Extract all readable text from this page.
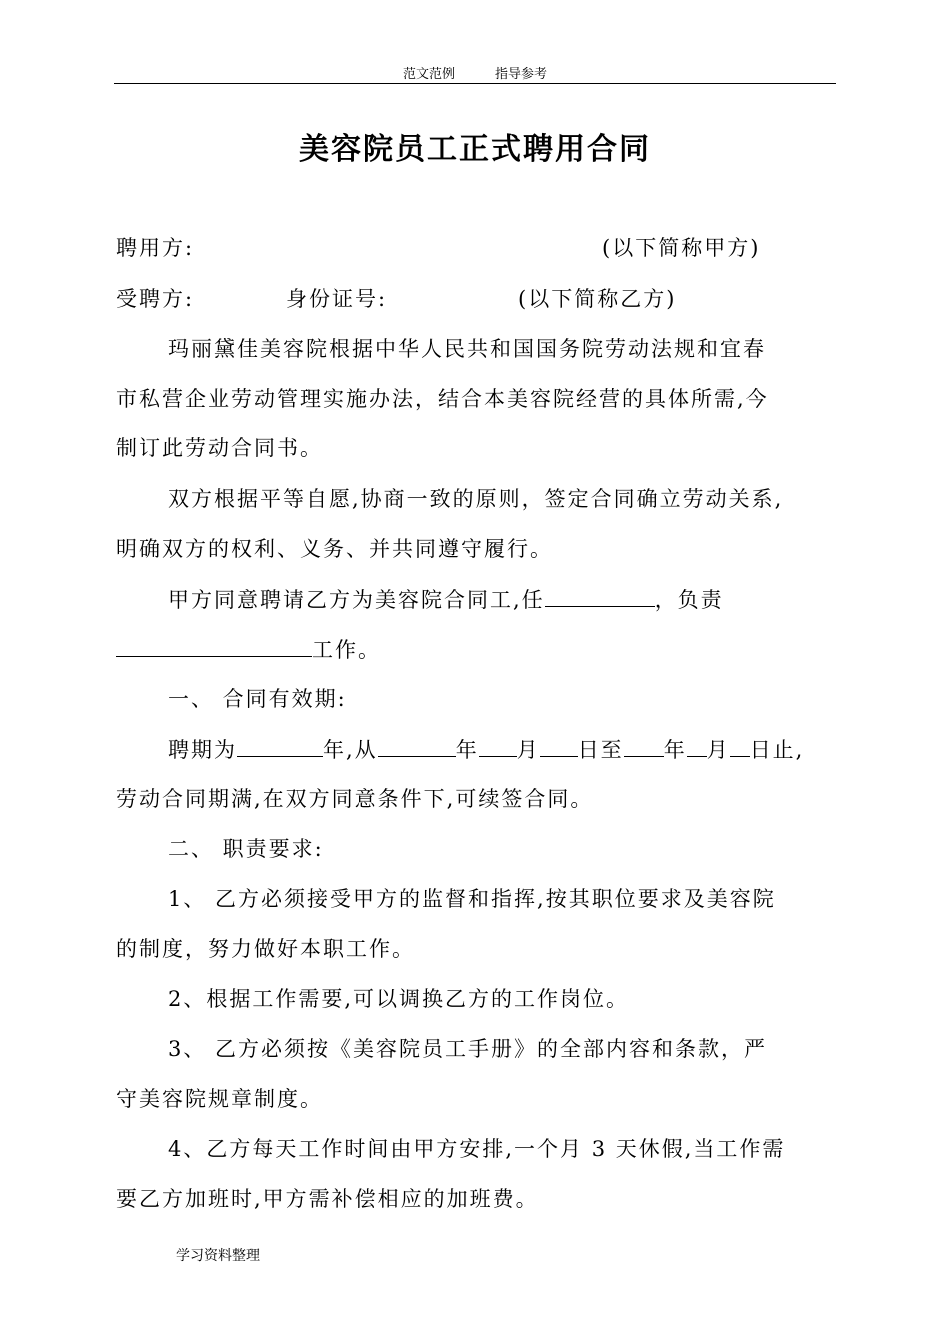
范文范例	指导参考
美容院员工正式聘用合同
聘用方:	(以下简称甲方)
受聘方:	身份证号:	(以下简称乙方)
玛丽黛佳美容院根据中华人民共和国国务院劳动法规和宜春
市私营企业劳动管理实施办法，结合本美容院经营的具体所需,今
制订此劳动合同书。
双方根据平等自愿,协商一致的原则，签定合同确立劳动关系,
明确双方的权利、义务、并共同遵守履行。
甲方同意聘请乙方为美容院合同工,任	，负责
工作。
一、 合同有效期:
聘期为	年,从	年 月 日至 年 月 日止,
劳动合同期满,在双方同意条件下,可续签合同。
二、 职责要求:
1、 乙方必须接受甲方的监督和指挥,按其职位要求及美容院
的制度，努力做好本职工作。
2、根据工作需要,可以调换乙方的工作岗位。
3、 乙方必须按《美容院员工手册》的全部内容和条款，严
守美容院规章制度。
4、乙方每天工作时间由甲方安排,一个月 3 天休假,当工作需
要乙方加班时,甲方需补偿相应的加班费。
学习资料整理
